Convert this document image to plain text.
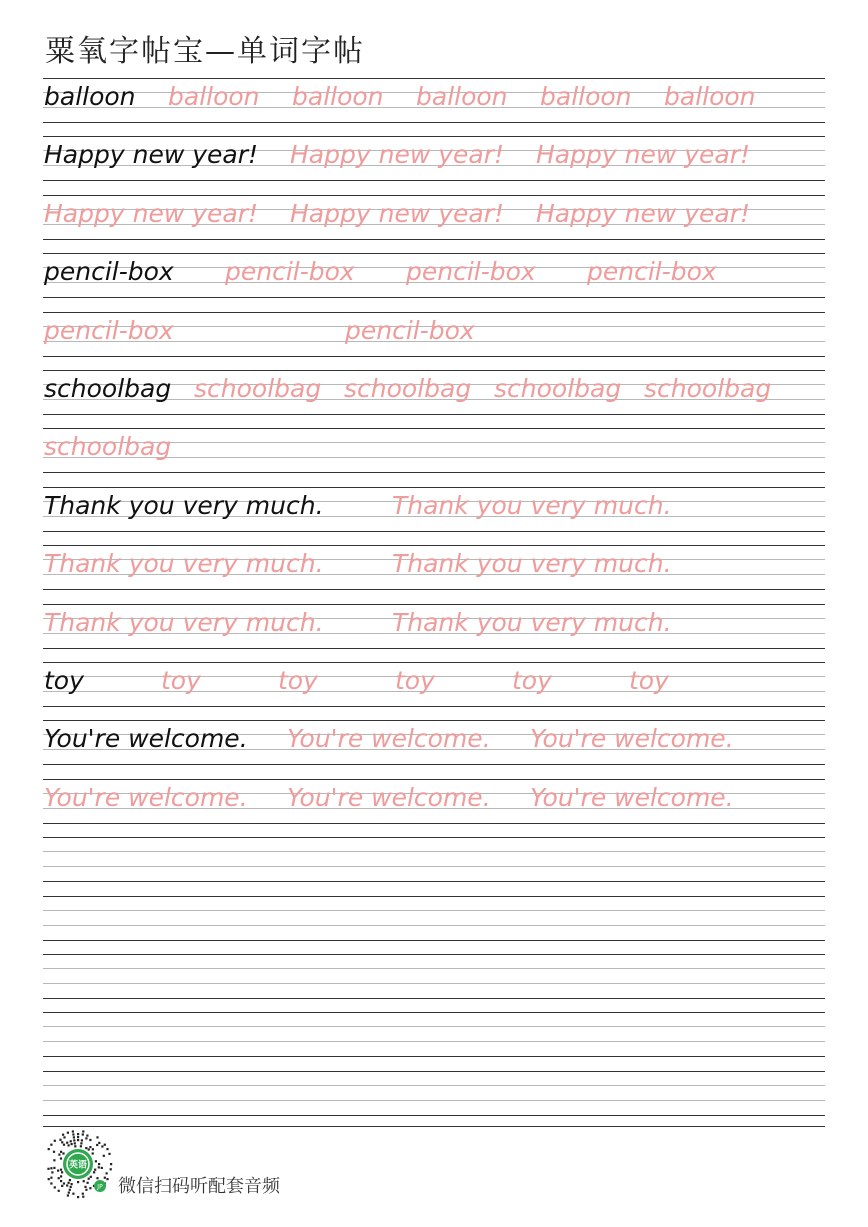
粟氧字帖宝—单词字帖
balloon balloon balloon balloon balloon balloon
Happy new year! Happy new year! Happy new year!
Happy new year! Happy new year! Happy new year!
pencil-box pencil-box pencil-box pencil-box
pencil-box	pencil-box
schoolbag schoolbag schoolbag schoolbag schoolbag
schoolbag
Thank you very much.	Thank you very much.
Thank you very much.	Thank you very much.
Thank you very much.	Thank you very much.
toy	toy	toy	toy	toy	toy
You're welcome. You're welcome. You're welcome.
You're welcome. You're welcome. You're welcome.
英语
JP 微信扫码听配套音频
